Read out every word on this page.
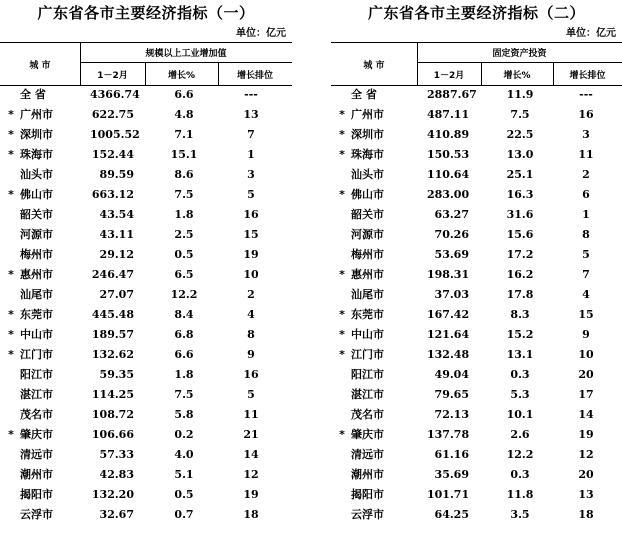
广东省各市主要经济指标（一）
单位：亿元
城 市
规模以上工业增加值
1－2月	增长%	增长排位
全 省	4366.74	6.6	---
* 广州市	622.75	4.8	13
* 深圳市	1005.52	7.1	7
* 珠海市	152.44	15.1	1
汕头市	89.59	8.6	3
* 佛山市	663.12	7.5	5
韶关市	43.54	1.8	16
河源市	43.11	2.5	15
梅州市	29.12	0.5	19
* 惠州市	246.47	6.5	10
汕尾市	27.07	12.2	2
* 东莞市	445.48	8.4	4
* 中山市	189.57	6.8	8
* 江门市	132.62	6.6	9
阳江市	59.35	1.8	16
湛江市	114.25	7.5	5
茂名市	108.72	5.8	11
* 肇庆市	106.66	0.2	21
清远市	57.33	4.0	14
潮州市	42.83	5.1	12
揭阳市	132.20	0.5	19
云浮市	32.67	0.7	18
广东省各市主要经济指标（二）
单位：亿元
城 市
固定资产投资
1－2月	增长%	增长排位
全 省	2887.67	11.9	---
* 广州市	487.11	7.5	16
* 深圳市	410.89	22.5	3
* 珠海市	150.53	13.0	11
汕头市	110.64	25.1	2
* 佛山市	283.00	16.3	6
韶关市	63.27	31.6	1
河源市	70.26	15.6	8
梅州市	53.69	17.2	5
* 惠州市	198.31	16.2	7
汕尾市	37.03	17.8	4
* 东莞市	167.42	8.3	15
* 中山市	121.64	15.2	9
* 江门市	132.48	13.1	10
阳江市	49.04	0.3	20
湛江市	79.65	5.3	17
茂名市	72.13	10.1	14
* 肇庆市	137.78	2.6	19
清远市	61.16	12.2	12
潮州市	35.69	0.3	20
揭阳市	101.71	11.8	13
云浮市	64.25	3.5	18
